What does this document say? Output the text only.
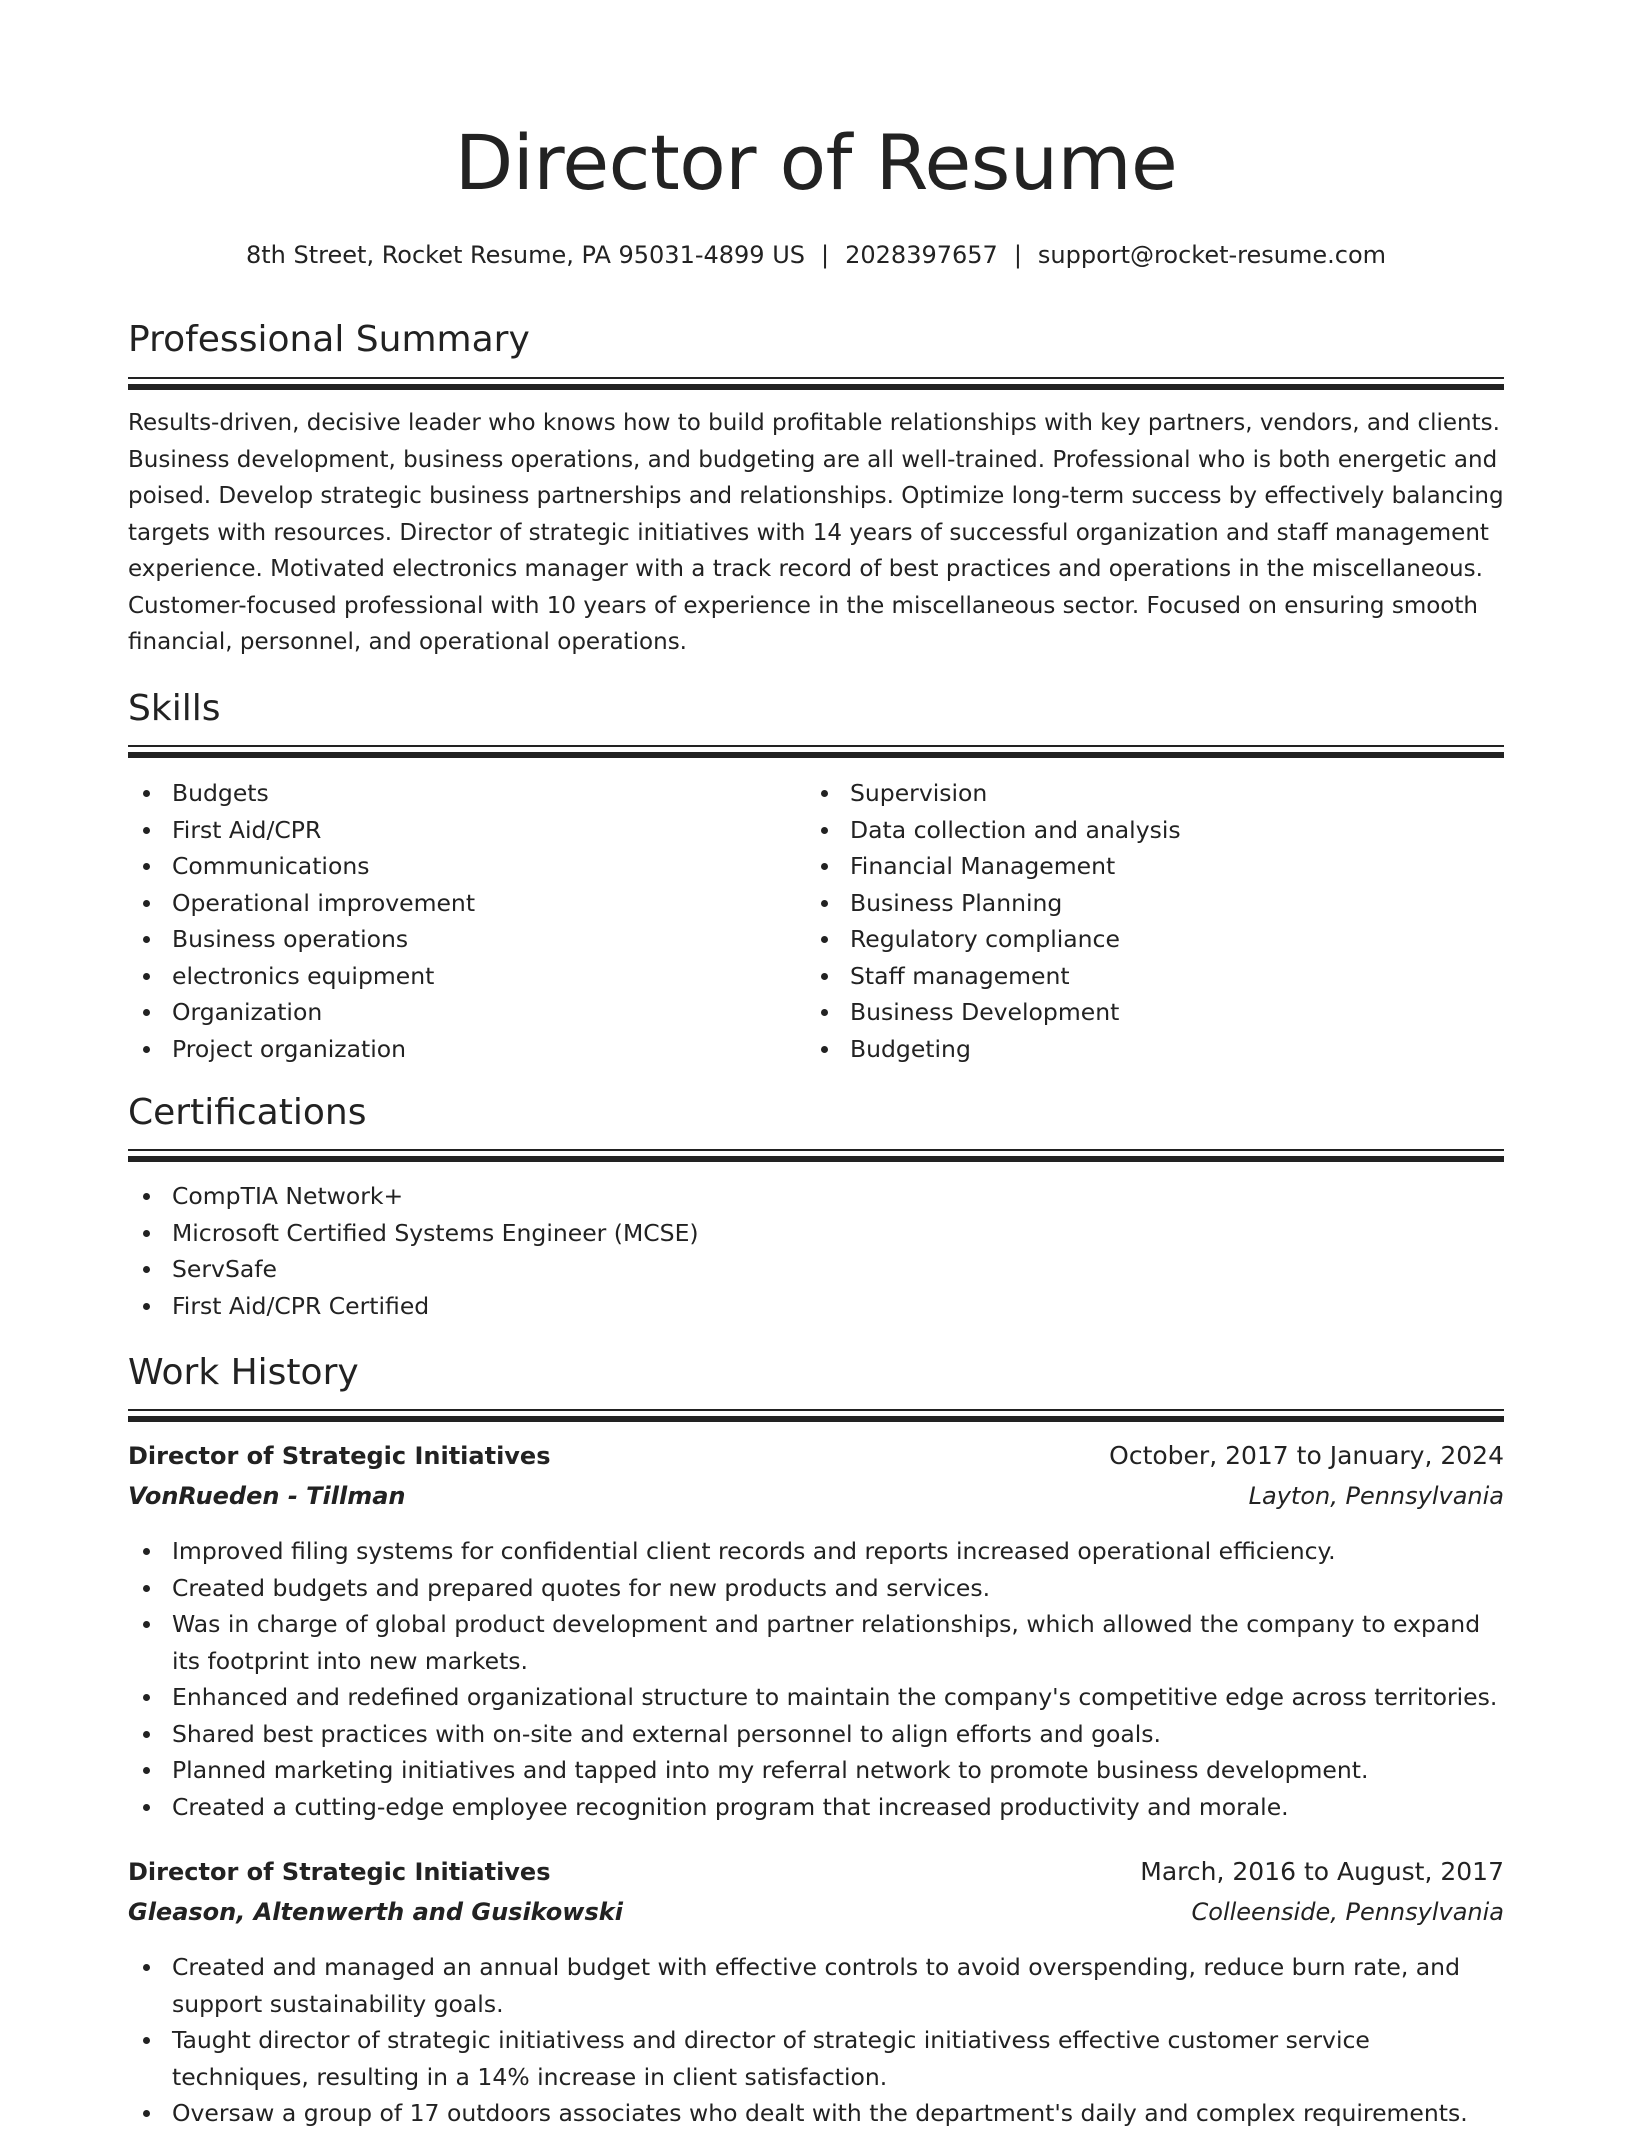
Director of Resume
8th Street, Rocket Resume, PA 95031-4899 US | 2028397657 | support@rocket-resume.com
Professional Summary

Results-driven, decisive leader who knows how to build profitable relationships with key partners, vendors, and clients. Business development, business operations, and budgeting are all well-trained. Professional who is both energetic and poised. Develop strategic business partnerships and relationships. Optimize long-term success by effectively balancing targets with resources. Director of strategic initiatives with 14 years of successful organization and staff management experience. Motivated electronics manager with a track record of best practices and operations in the miscellaneous. Customer-focused professional with 10 years of experience in the miscellaneous sector. Focused on ensuring smooth financial, personnel, and operational operations.

Skills
Budgets
First Aid/CPR
Communications
Operational improvement
Business operations
electronics equipment
Organization
Project organization
Supervision
Data collection and analysis
Financial Management
Business Planning
Regulatory compliance
Staff management
Business Development
Budgeting
Certifications
CompTIA Network+
Microsoft Certified Systems Engineer (MCSE)
ServSafe
First Aid/CPR Certified
Work History
Director of Strategic Initiatives	October, 2017 to January, 2024
VonRueden - Tillman	Layton, Pennsylvania
Improved filing systems for confidential client records and reports increased operational efficiency.
Created budgets and prepared quotes for new products and services.
Was in charge of global product development and partner relationships, which allowed the company to expand its footprint into new markets.
Enhanced and redefined organizational structure to maintain the company's competitive edge across territories.
Shared best practices with on-site and external personnel to align efforts and goals.
Planned marketing initiatives and tapped into my referral network to promote business development.
Created a cutting-edge employee recognition program that increased productivity and morale.
Director of Strategic Initiatives	March, 2016 to August, 2017
Gleason, Altenwerth and Gusikowski	Colleenside, Pennsylvania
Created and managed an annual budget with effective controls to avoid overspending, reduce burn rate, and support sustainability goals.
Taught director of strategic initiativess and director of strategic initiativess effective customer service techniques, resulting in a 14% increase in client satisfaction.
Oversaw a group of 17 outdoors associates who dealt with the department's daily and complex requirements.
